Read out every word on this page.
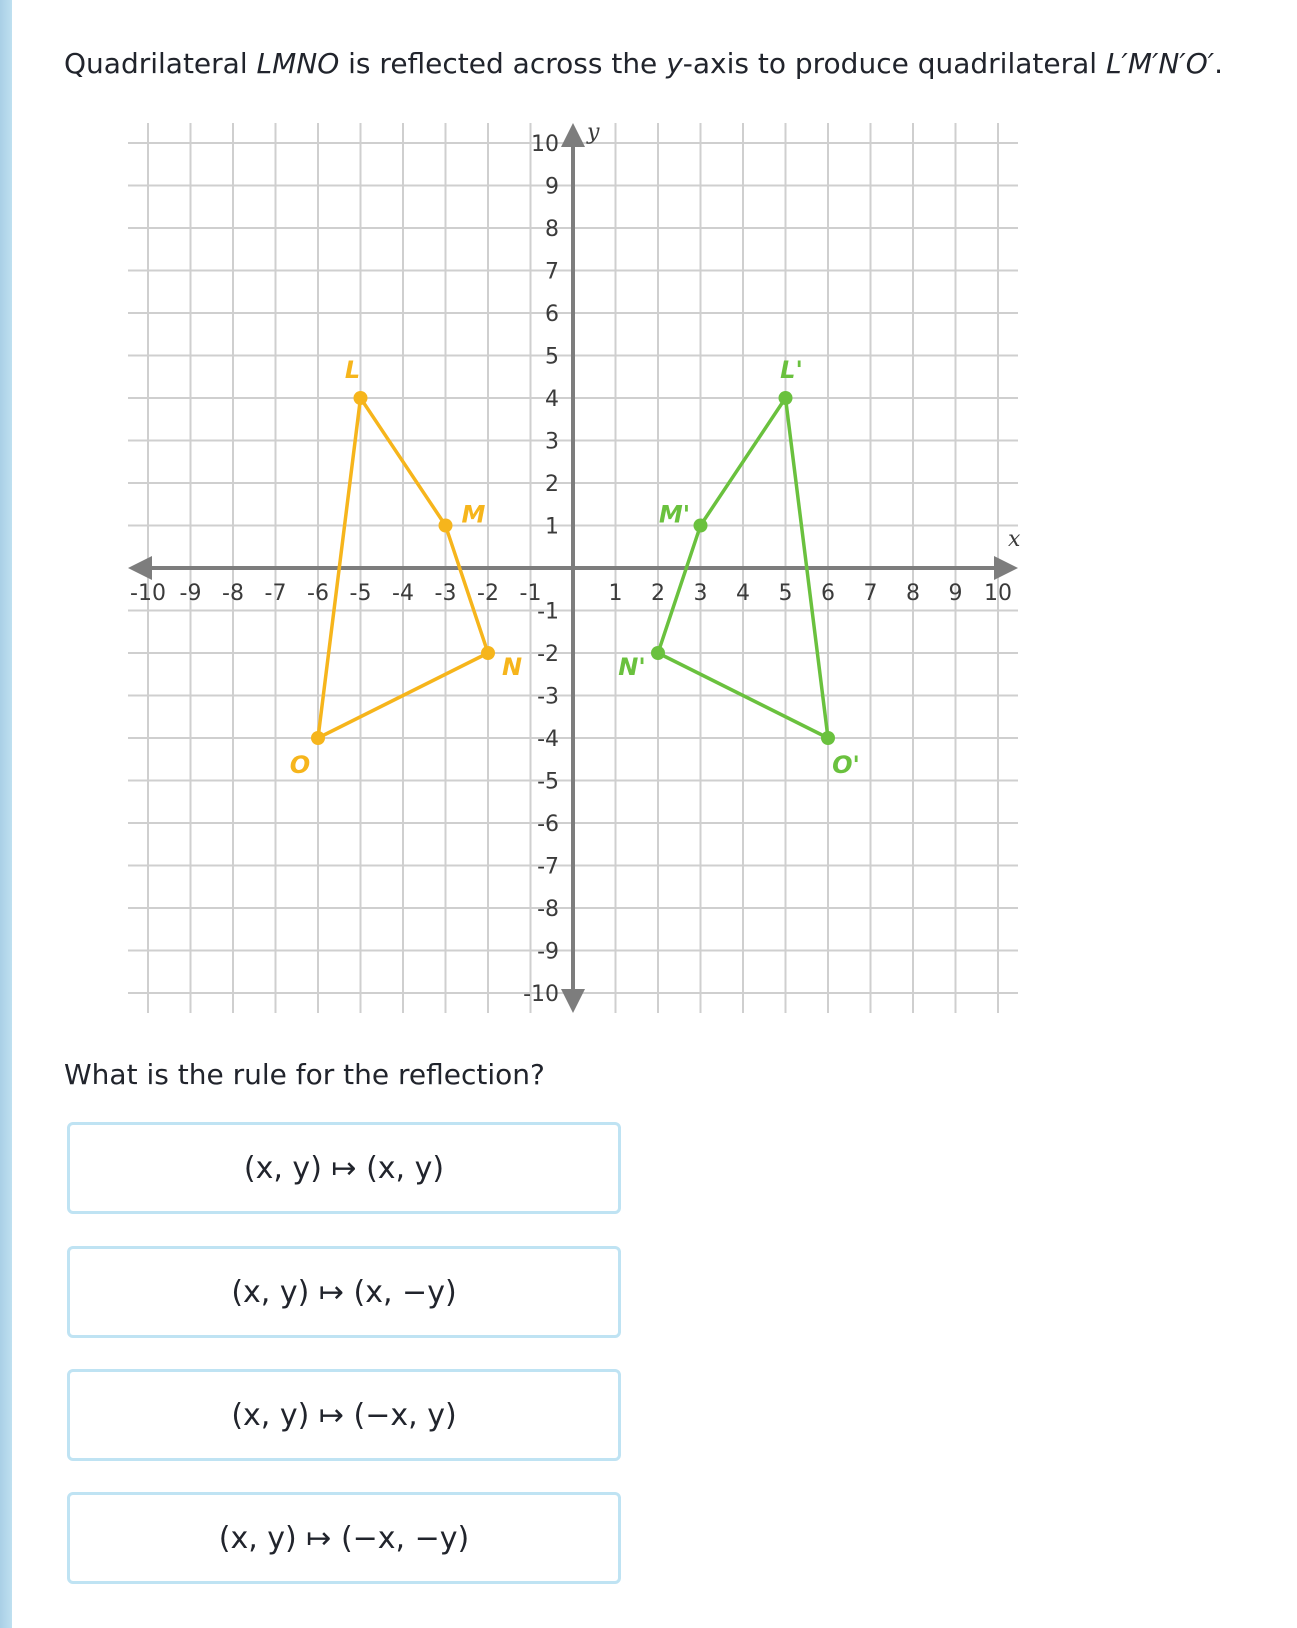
Quadrilateral LMNO is reflected across the y-axis to produce quadrilateral L′M′N′O′.
x
y
-10 -9 -8 -7 -6 -5 -4 -3 -2 -1	1 2 3 4 5 6 7 8 9 10
-10
-9
-8
-7
-6
-5
-4
-3
-2
-1
1
2
3
4
5
6
7
8
9
10
L
M
N
O
L'
M'
N'
O'
What is the rule for the reflection?
(x, y) ↦ (x, y)
(x, y) ↦ (x, −y)
(x, y) ↦ (−x, y)
(x, y) ↦ (−x, −y)
